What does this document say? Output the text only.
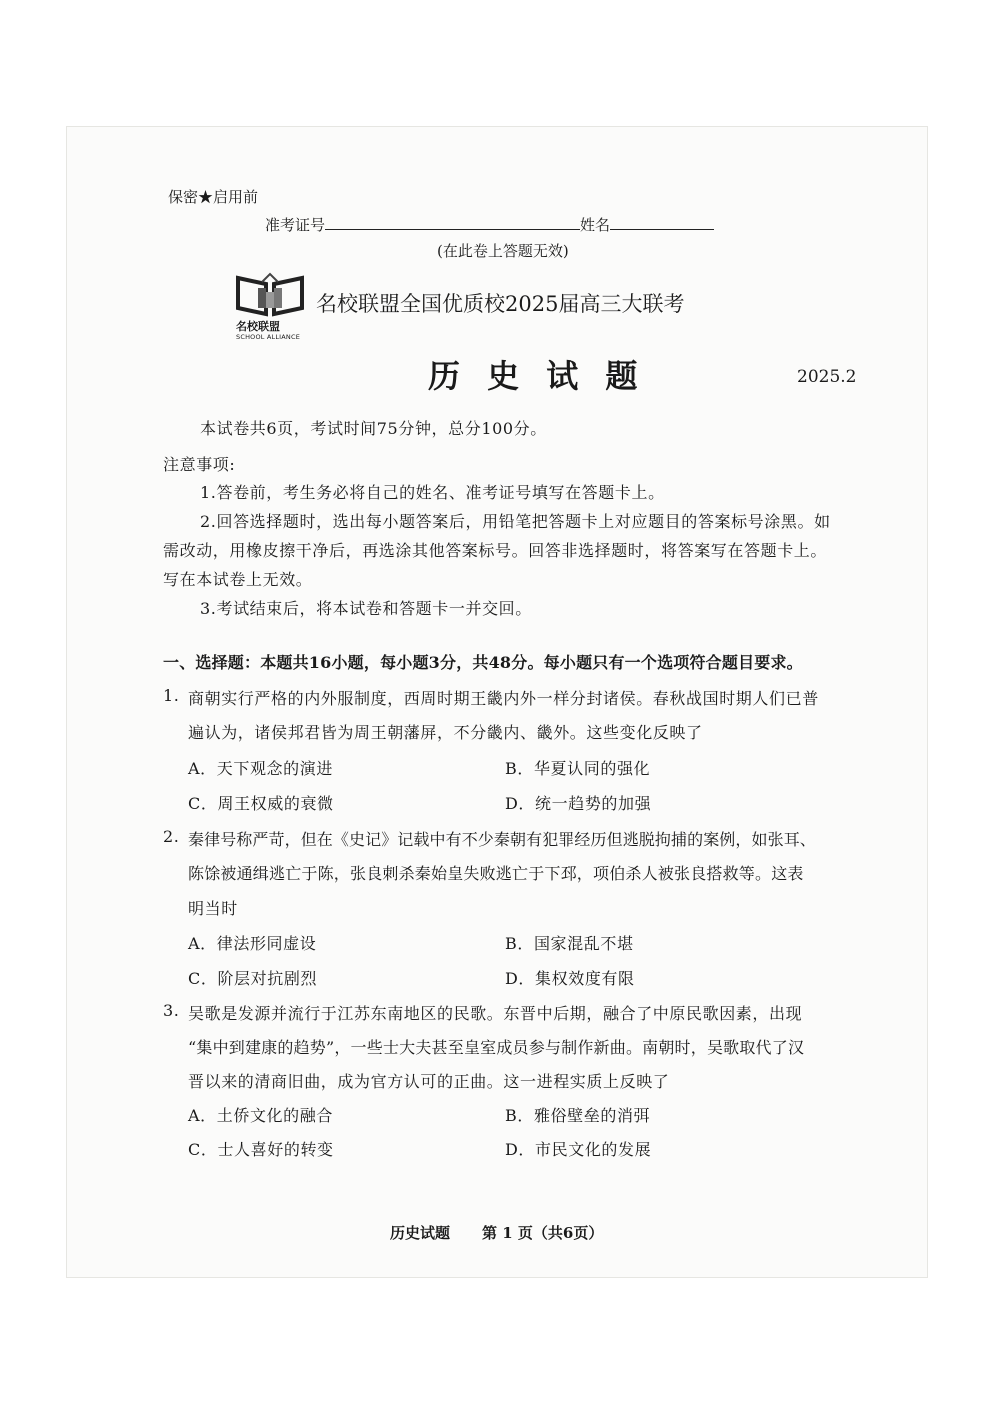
保密★启用前
准考证号	姓名
(在此卷上答题无效)
名校联盟
SCHOOL ALLIANCE
名校联盟全国优质校2025届高三大联考
历 史 试 题	2025.2
本试卷共6页，考试时间75分钟，总分100分。
注意事项:
1.答卷前，考生务必将自己的姓名、准考证号填写在答题卡上。
2.回答选择题时，选出每小题答案后，用铅笔把答题卡上对应题目的答案标号涂黑。如
需改动，用橡皮擦干净后，再选涂其他答案标号。回答非选择题时，将答案写在答题卡上。
写在本试卷上无效。
3.考试结束后，将本试卷和答题卡一并交回。
一、选择题：本题共16小题，每小题3分，共48分。每小题只有一个选项符合题目要求。
1. 商朝实行严格的内外服制度，西周时期王畿内外一样分封诸侯。春秋战国时期人们已普
遍认为，诸侯邦君皆为周王朝藩屏，不分畿内、畿外。这些变化反映了
A．天下观念的演进	B．华夏认同的强化
C．周王权威的衰微	D．统一趋势的加强
2. 秦律号称严苛，但在《史记》记载中有不少秦朝有犯罪经历但逃脱拘捕的案例，如张耳、
陈馀被通缉逃亡于陈，张良刺杀秦始皇失败逃亡于下邳，项伯杀人被张良搭救等。这表
明当时
A．律法形同虚设	B．国家混乱不堪
C．阶层对抗剧烈	D．集权效度有限
3. 吴歌是发源并流行于江苏东南地区的民歌。东晋中后期，融合了中原民歌因素，出现
“集中到建康的趋势”，一些士大夫甚至皇室成员参与制作新曲。南朝时，吴歌取代了汉
晋以来的清商旧曲，成为官方认可的正曲。这一进程实质上反映了
A．土侨文化的融合	B．雅俗壁垒的消弭
C．士人喜好的转变	D．市民文化的发展
历史试题 第 1 页（共6页）
